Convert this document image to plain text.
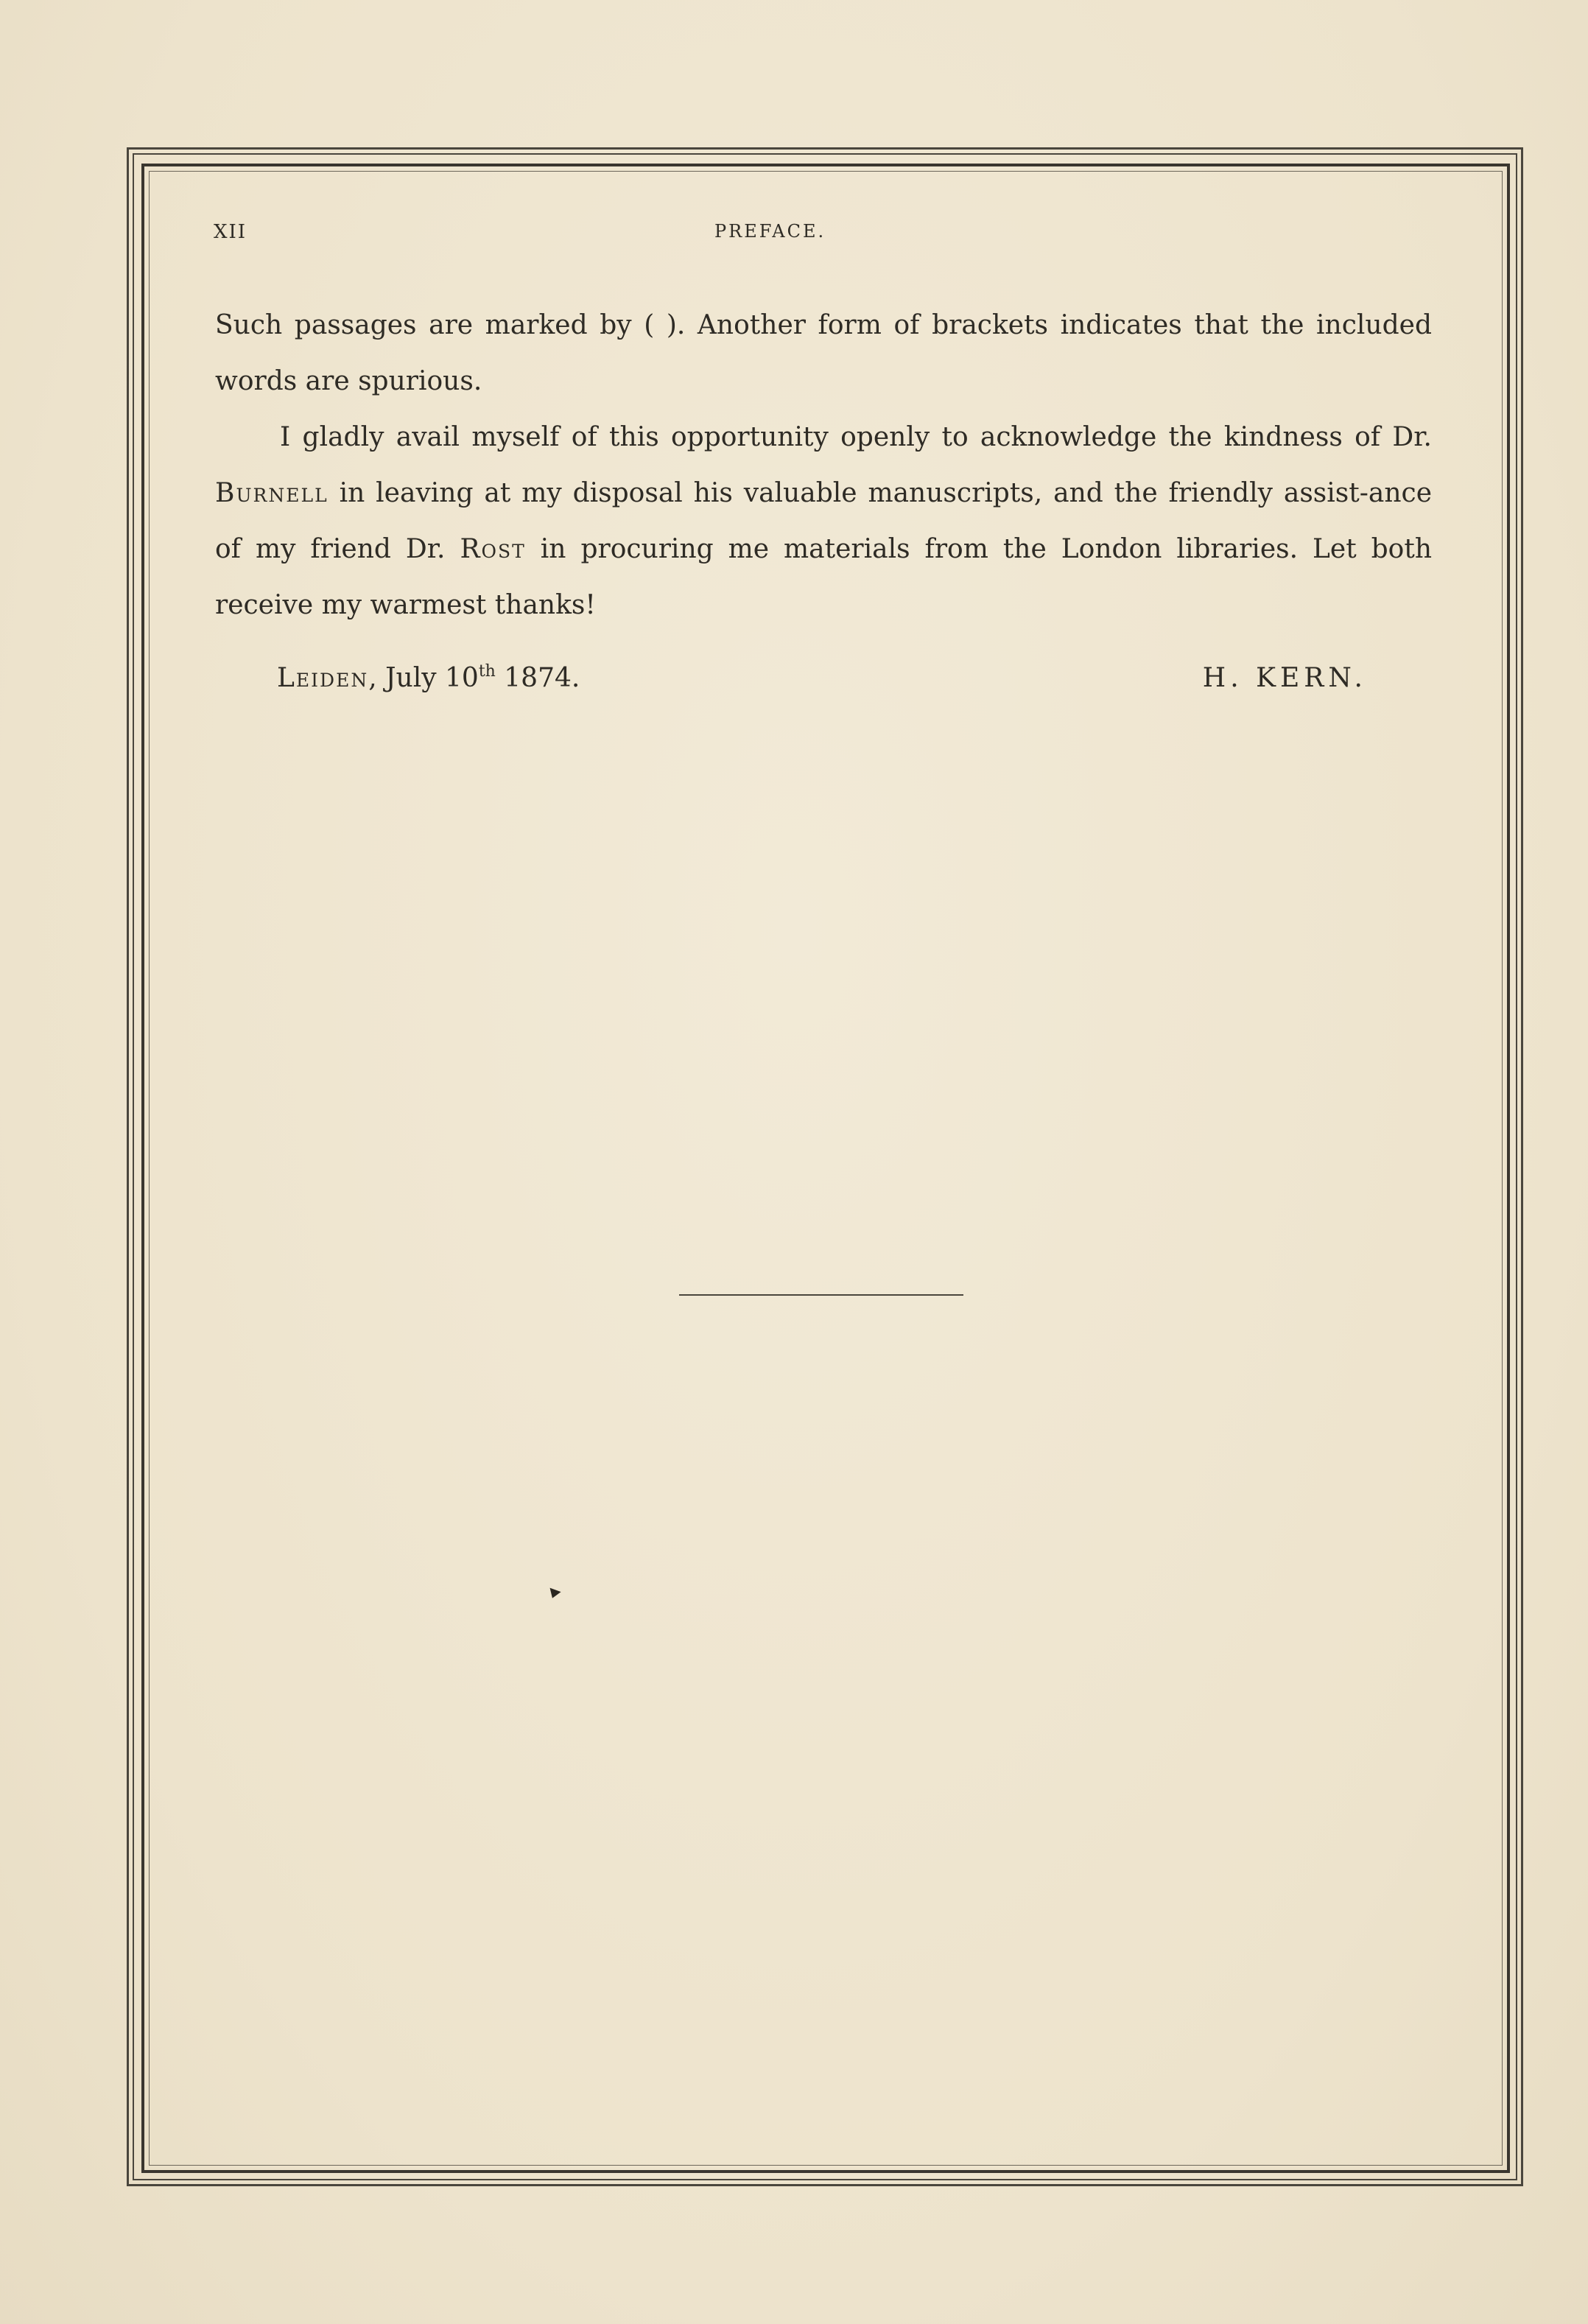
XII	PREFACE.

Such passages are marked by ( ). Another form of brackets indicates that the included words are spurious.

I gladly avail myself of this opportunity openly to acknowledge the kindness of Dr. Burnell in leaving at my disposal his valuable manuscripts, and the friendly assist-ance of my friend Dr. Rost in procuring me materials from the London libraries. Let both receive my warmest thanks!

Leiden, July 10th 1874.	H. KERN.
